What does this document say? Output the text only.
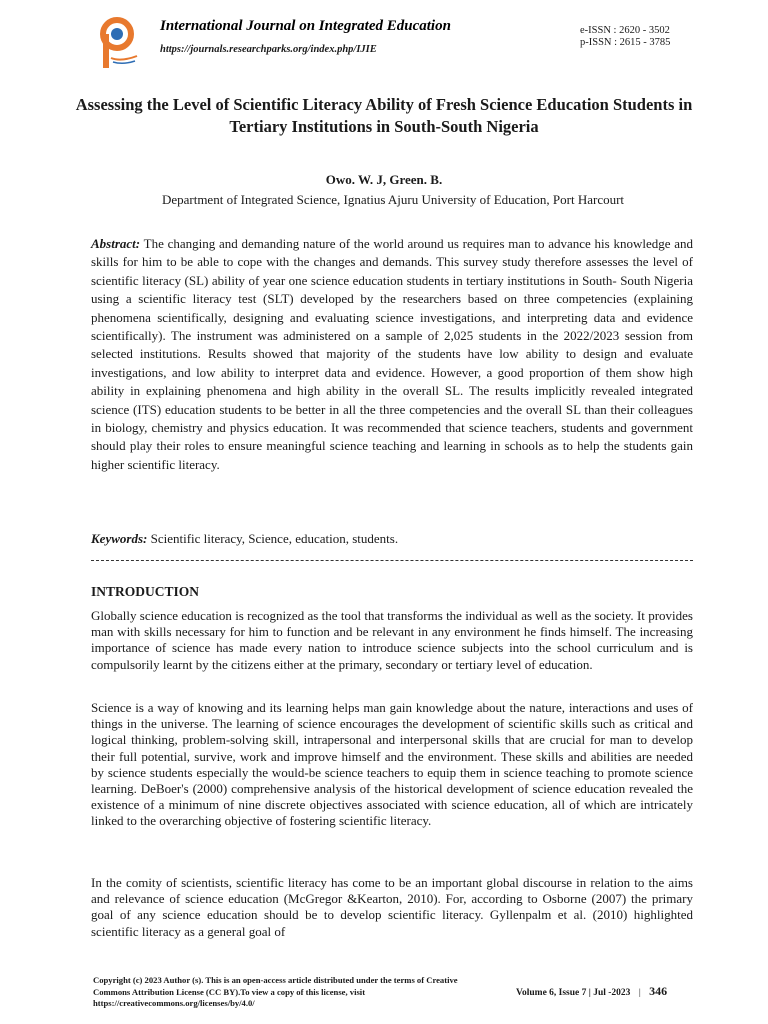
International Journal on Integrated Education
https://journals.researchparks.org/index.php/IJIE
e-ISSN : 2620 - 3502
p-ISSN : 2615 - 3785
Assessing the Level of Scientific Literacy Ability of Fresh Science Education Students in Tertiary Institutions in South-South Nigeria
Owo. W. J, Green. B.
Department of Integrated Science, Ignatius Ajuru University of Education, Port Harcourt
Abstract: The changing and demanding nature of the world around us requires man to advance his knowledge and skills for him to be able to cope with the changes and demands. This survey study therefore assesses the level of scientific literacy (SL) ability of year one science education students in tertiary institutions in South- South Nigeria using a scientific literacy test (SLT) developed by the researchers based on three competencies (explaining phenomena scientifically, designing and evaluating science investigations, and interpreting data and evidence scientifically). The instrument was administered on a sample of 2,025 students in the 2022/2023 session from selected institutions. Results showed that majority of the students have low ability to design and evaluate investigations, and low ability to interpret data and evidence. However, a good proportion of them show high ability in explaining phenomena and high ability in the overall SL. The results implicitly revealed integrated science (ITS) education students to be better in all the three competencies and the overall SL than their colleagues in biology, chemistry and physics education. It was recommended that science teachers, students and government should play their roles to ensure meaningful science teaching and learning in schools as to help the students gain higher scientific literacy.
Keywords: Scientific literacy, Science, education, students.
INTRODUCTION
Globally science education is recognized as the tool that transforms the individual as well as the society. It provides man with skills necessary for him to function and be relevant in any environment he finds himself. The increasing importance of science has made every nation to introduce science subjects into the school curriculum and is compulsorily learnt by the citizens either at the primary, secondary or tertiary level of education.
Science is a way of knowing and its learning helps man gain knowledge about the nature, interactions and uses of things in the universe. The learning of science encourages the development of scientific skills such as critical and logical thinking, problem-solving skill, intrapersonal and interpersonal skills that are crucial for man to develop their full potential, survive, work and improve himself and the environment. These skills and abilities are needed by science students especially the would-be science teachers to equip them in science teaching to promote science learning. DeBoer's (2000) comprehensive analysis of the historical development of science education revealed the existence of a minimum of nine discrete objectives associated with science education, all of which are intricately linked to the overarching objective of fostering scientific literacy.
In the comity of scientists, scientific literacy has come to be an important global discourse in relation to the aims and relevance of science education (McGregor &Kearton, 2010). For, according to Osborne (2007) the primary goal of any science education should be to develop scientific literacy. Gyllenpalm et al. (2010) highlighted scientific literacy as a general goal of
Copyright (c) 2023 Author (s). This is an open-access article distributed under the terms of Creative Commons Attribution License (CC BY).To view a copy of this license, visit https://creativecommons.org/licenses/by/4.0/
Volume 6, Issue 7 | Jul -2023 | 346
